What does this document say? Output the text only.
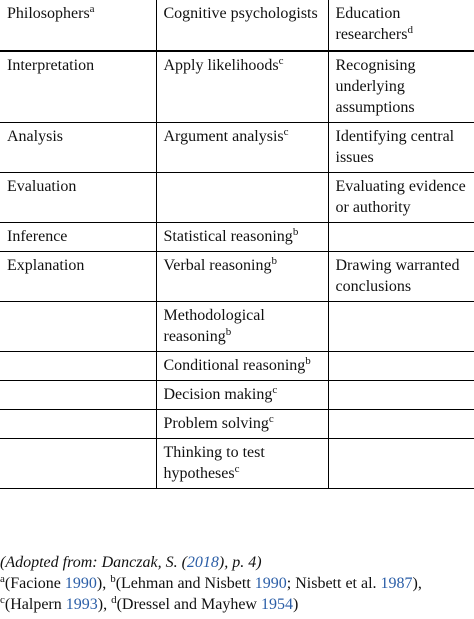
Philosophers$^a$	Cognitive psychologists	Education researchers$^d$
Interpretation	Apply likelihoods$^c$	Recognising underlying assumptions
Analysis	Argument analysis$^c$	Identifying central issues
Evaluation		Evaluating evidence or authority
Inference	Statistical reasoning$^b$	
Explanation	Verbal reasoning$^b$	Drawing warranted conclusions
	Methodological reasoning$^b$	
	Conditional reasoning$^b$	
	Decision making$^c$	
	Problem solving$^c$	
	Thinking to test hypotheses$^c$	
(Adopted from: Danczak, S. (2018), p. 4)
$^a$(Facione 1990), $^b$(Lehman and Nisbett 1990; Nisbett et al. 1987),
$^c$(Halpern 1993), $^d$(Dressel and Mayhew 1954)
